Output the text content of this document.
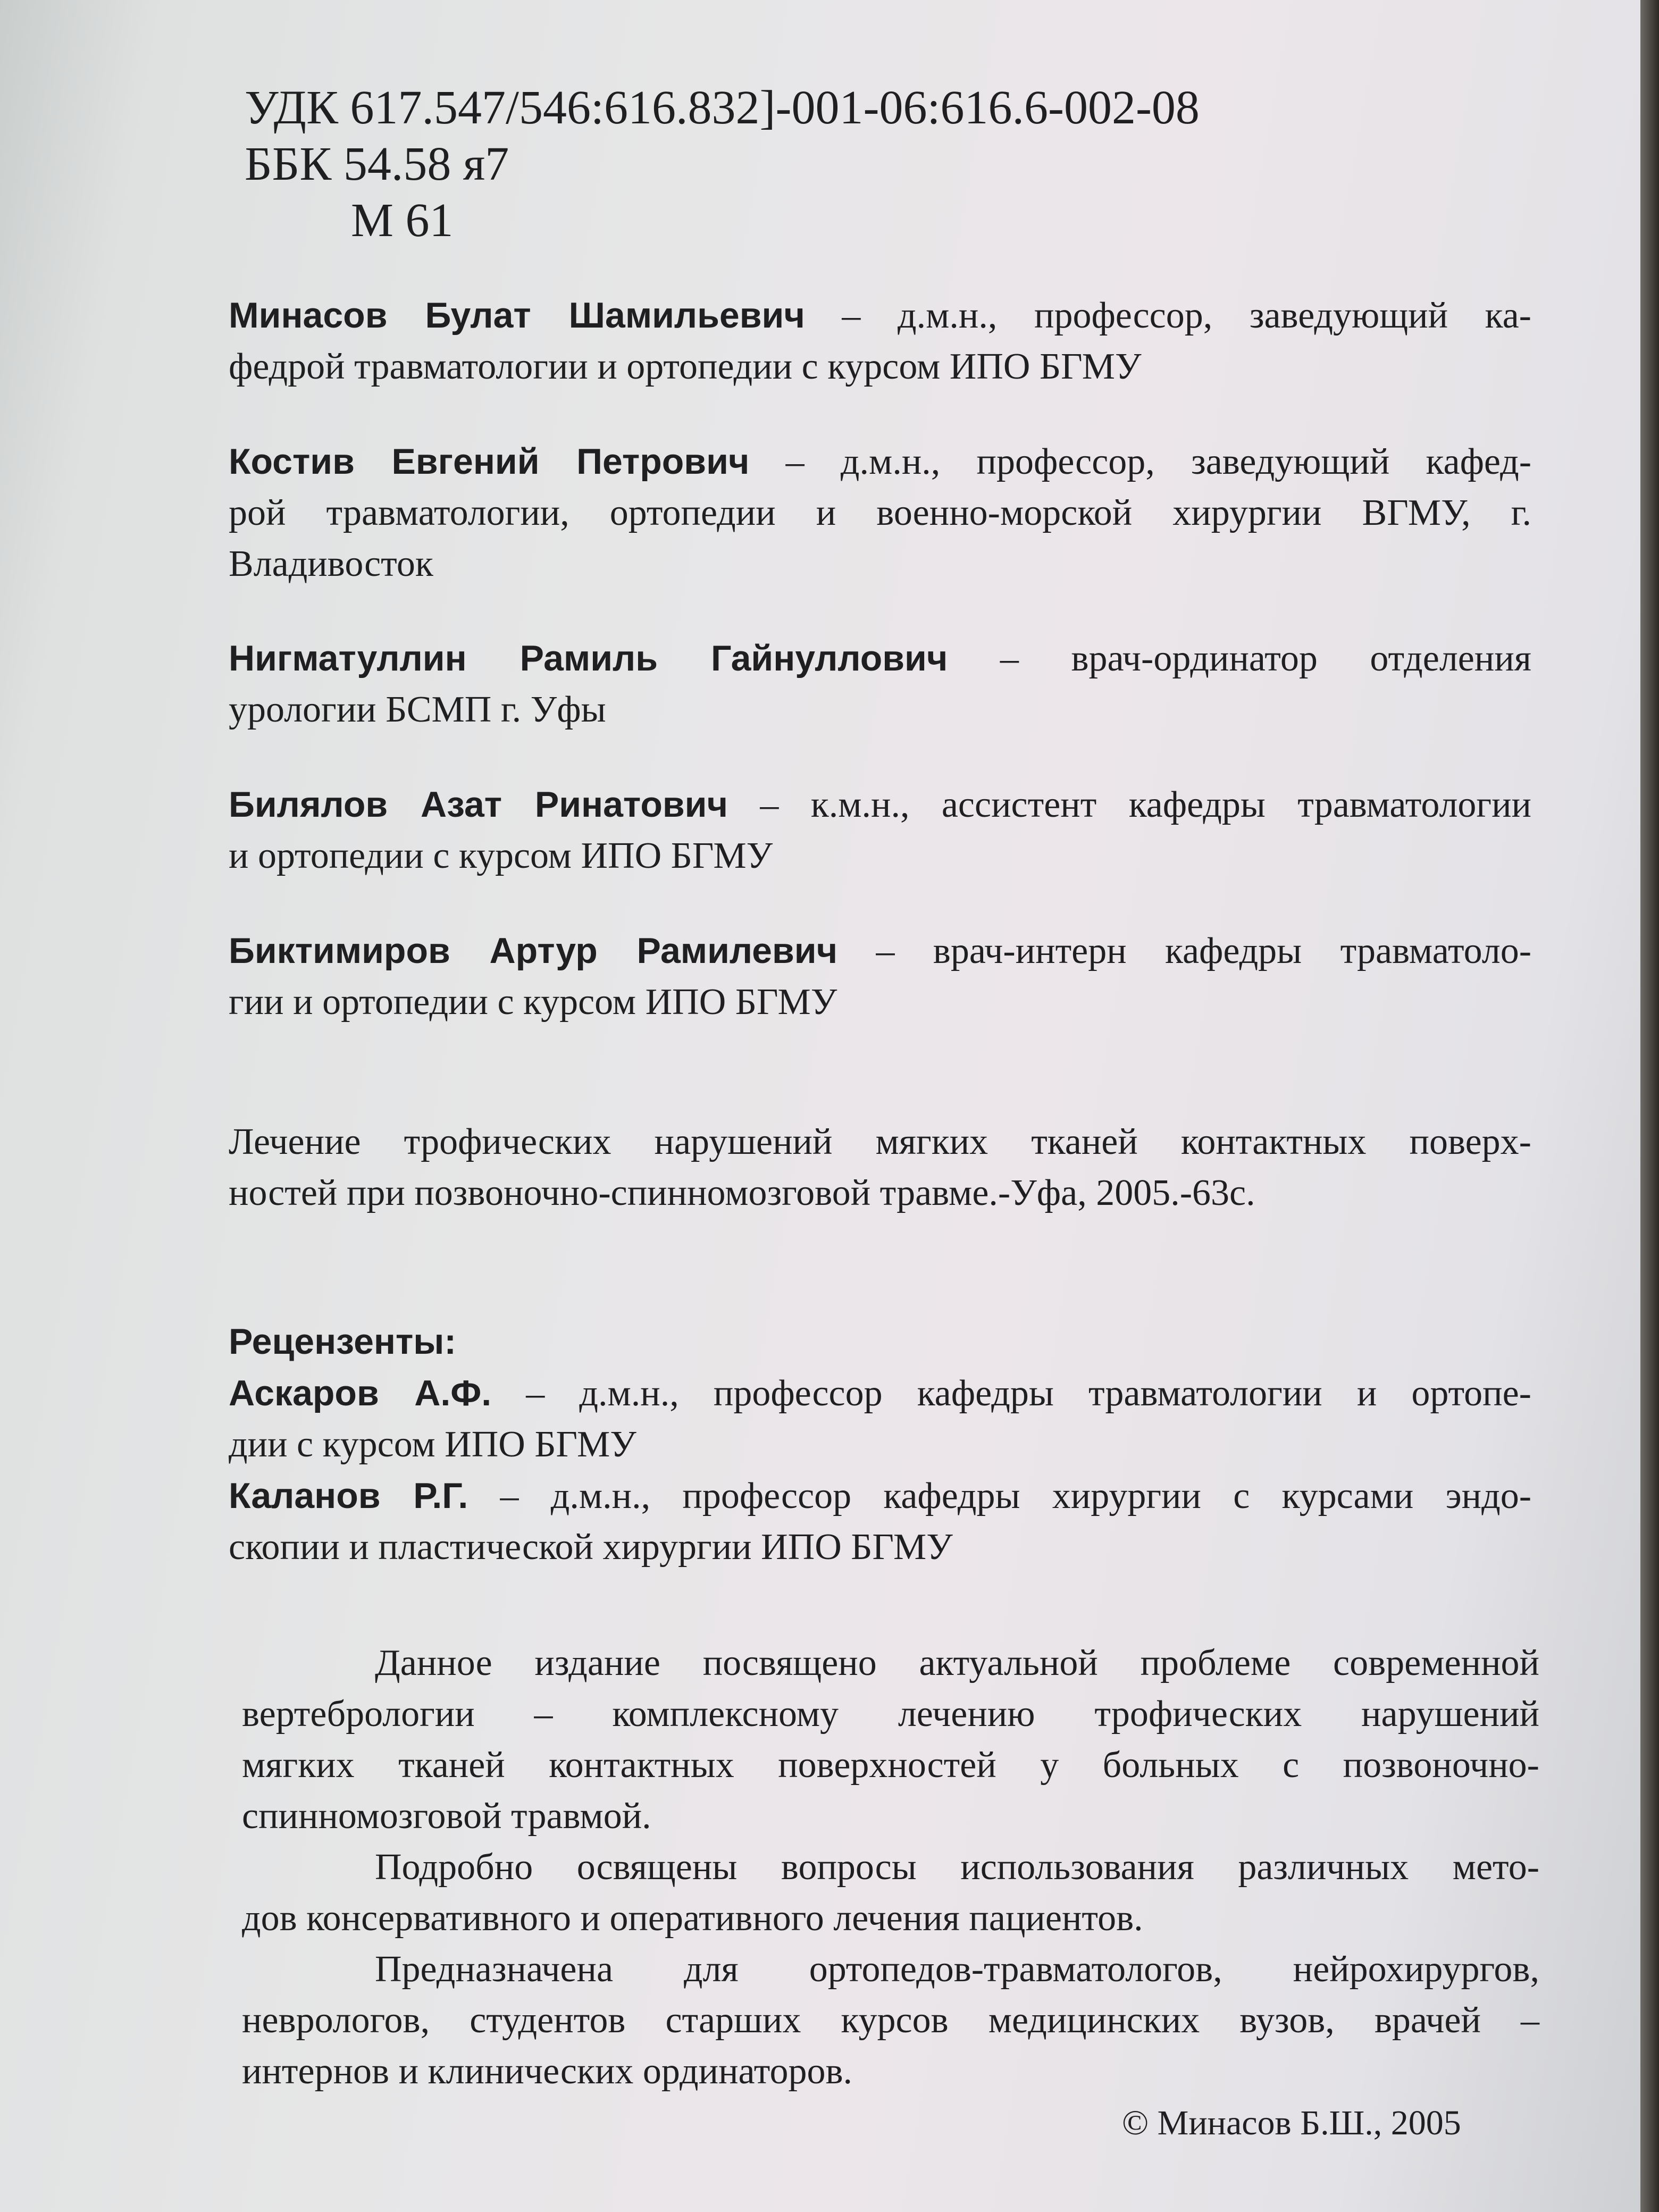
УДК 617.547/546:616.832]-001-06:616.6-002-08
ББК 54.58 я7
М 61
Минасов Булат Шамильевич – д.м.н., профессор, заведующий ка-
федрой травматологии и ортопедии с курсом ИПО БГМУ
Костив Евгений Петрович – д.м.н., профессор, заведующий кафед-
рой травматологии, ортопедии и военно-морской хирургии ВГМУ, г.
Владивосток
Нигматуллин Рамиль Гайнуллович – врач-ординатор отделения
урологии БСМП г. Уфы
Билялов Азат Ринатович – к.м.н., ассистент кафедры травматологии
и ортопедии с курсом ИПО БГМУ
Биктимиров Артур Рамилевич – врач-интерн кафедры травматоло-
гии и ортопедии с курсом ИПО БГМУ
Лечение трофических нарушений мягких тканей контактных поверх-
ностей при позвоночно-спинномозговой травме.-Уфа, 2005.-63с.
Рецензенты:
Аскаров А.Ф. – д.м.н., профессор кафедры травматологии и ортопе-
дии с курсом ИПО БГМУ
Каланов Р.Г. – д.м.н., профессор кафедры хирургии с курсами эндо-
скопии и пластической хирургии ИПО БГМУ
Данное издание посвящено актуальной проблеме современной
вертебрологии – комплексному лечению трофических нарушений
мягких тканей контактных поверхностей у больных с позвоночно-
спинномозговой травмой.
Подробно освящены вопросы использования различных мето-
дов консервативного и оперативного лечения пациентов.
Предназначена для ортопедов-травматологов, нейрохирургов,
неврологов, студентов старших курсов медицинских вузов, врачей –
интернов и клинических ординаторов.
© Минасов Б.Ш., 2005
